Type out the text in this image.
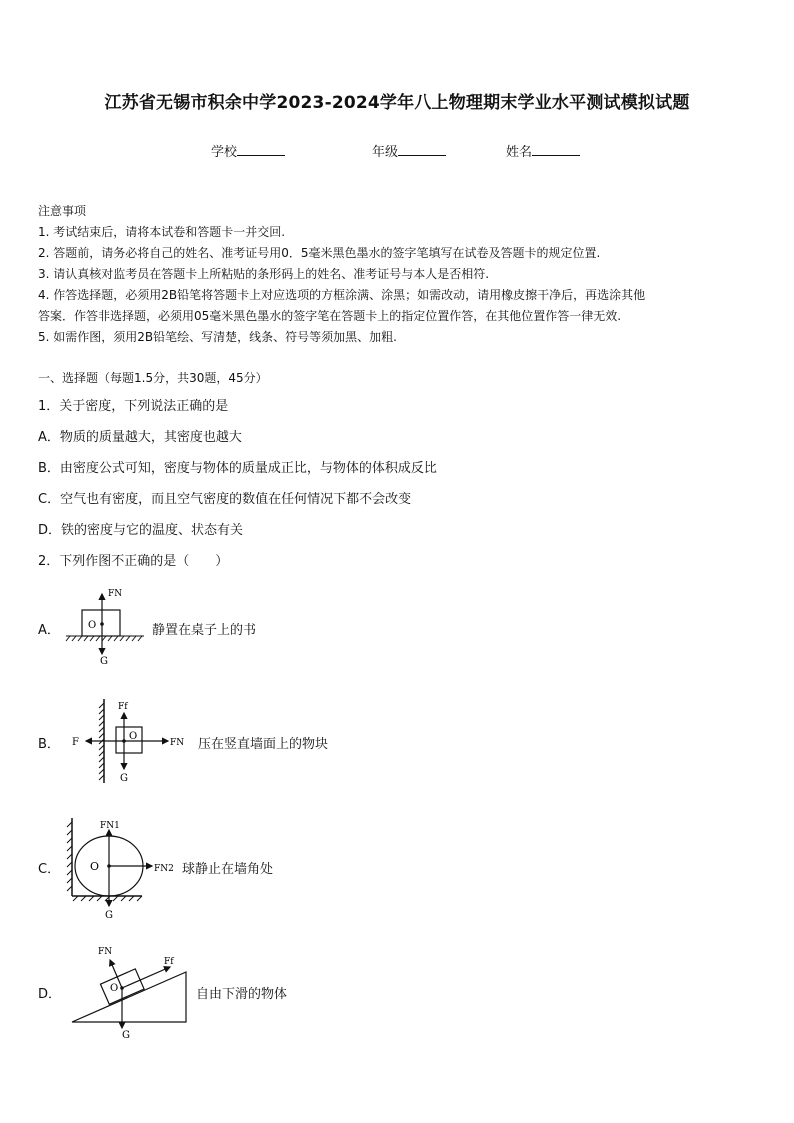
江苏省无锡市积余中学2023-2024学年八上物理期末学业水平测试模拟试题
学校	年级	姓名
注意事项
1. 考试结束后，请将本试卷和答题卡一并交回.
2. 答题前，请务必将自己的姓名、准考证号用0．5毫米黑色墨水的签字笔填写在试卷及答题卡的规定位置.
3. 请认真核对监考员在答题卡上所粘贴的条形码上的姓名、准考证号与本人是否相符.
4. 作答选择题，必须用2B铅笔将答题卡上对应选项的方框涂满、涂黑；如需改动，请用橡皮擦干净后，再选涂其他
答案．作答非选择题，必须用05毫米黑色墨水的签字笔在答题卡上的指定位置作答，在其他位置作答一律无效.
5. 如需作图，须用2B铅笔绘、写清楚，线条、符号等须加黑、加粗.
一、选择题（每题1.5分，共30题，45分）
1．关于密度，下列说法正确的是
A．物质的质量越大，其密度也越大
B．由密度公式可知，密度与物体的质量成正比，与物体的体积成反比
C．空气也有密度，而且空气密度的数值在任何情况下都不会改变
D．铁的密度与它的温度、状态有关
2．下列作图不正确的是（　　）
A．	O
FN
G
静置在桌子上的书
B．
O
Ff
F	FN
G
压在竖直墙面上的物块
C．	O
FN1
FN2
G
球静止在墙角处
D．	O
FN
Ff
G
自由下滑的物体
